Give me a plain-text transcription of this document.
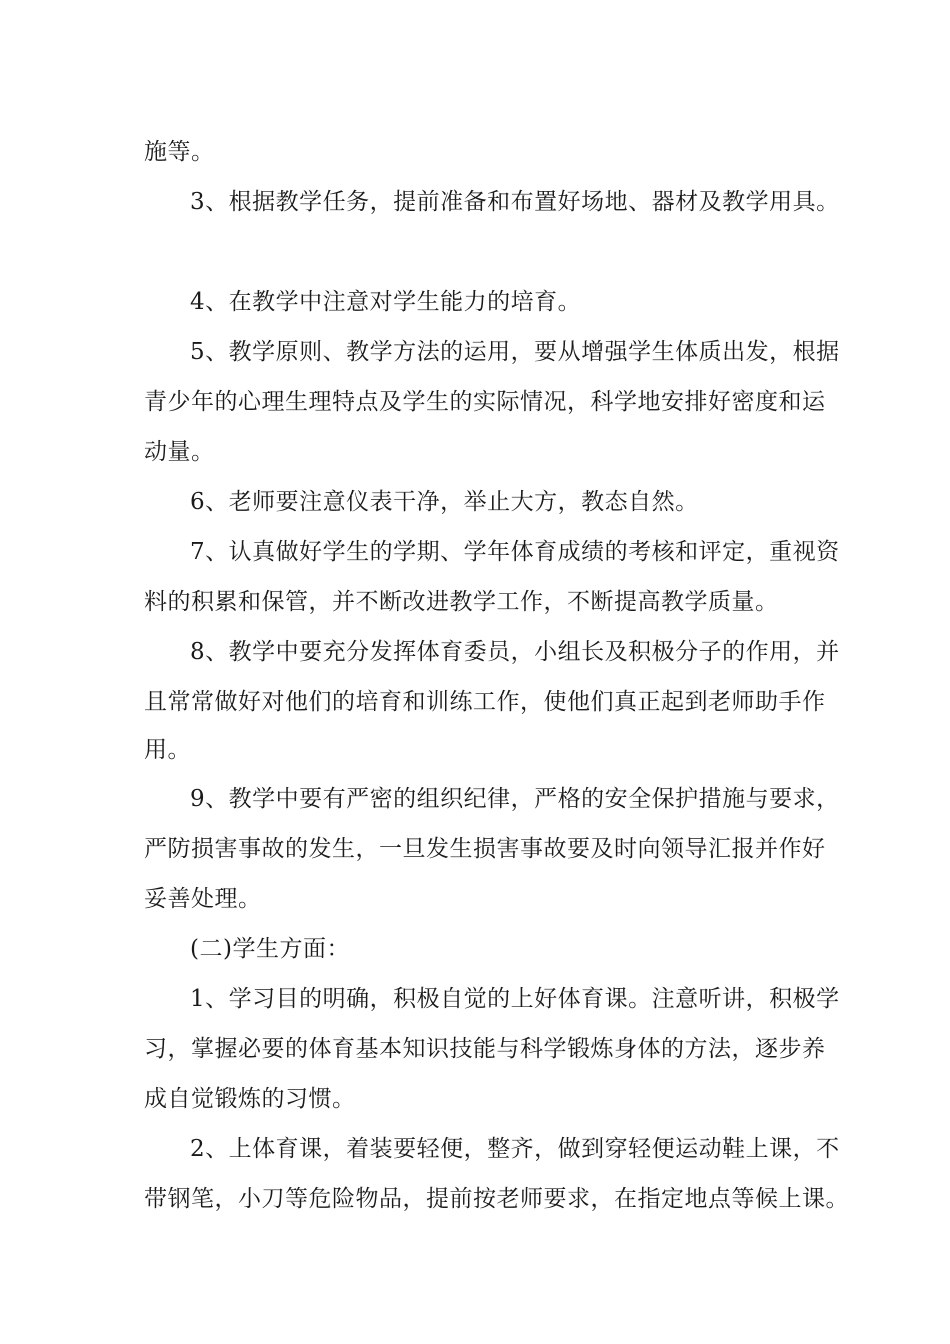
施等。
3、根据教学任务，提前准备和布置好场地、器材及教学用具。
4、在教学中注意对学生能力的培育。
5、教学原则、教学方法的运用，要从增强学生体质出发，根据
青少年的心理生理特点及学生的实际情况，科学地安排好密度和运
动量。
6、老师要注意仪表干净，举止大方，教态自然。
7、认真做好学生的学期、学年体育成绩的考核和评定，重视资
料的积累和保管，并不断改进教学工作，不断提高教学质量。
8、教学中要充分发挥体育委员，小组长及积极分子的作用，并
且常常做好对他们的培育和训练工作，使他们真正起到老师助手作
用。
9、教学中要有严密的组织纪律，严格的安全保护措施与要求，
严防损害事故的发生，一旦发生损害事故要及时向领导汇报并作好
妥善处理。
(二)学生方面：
1、学习目的明确，积极自觉的上好体育课。注意听讲，积极学
习，掌握必要的体育基本知识技能与科学锻炼身体的方法，逐步养
成自觉锻炼的习惯。
2、上体育课，着装要轻便，整齐，做到穿轻便运动鞋上课，不
带钢笔，小刀等危险物品，提前按老师要求，在指定地点等候上课。
